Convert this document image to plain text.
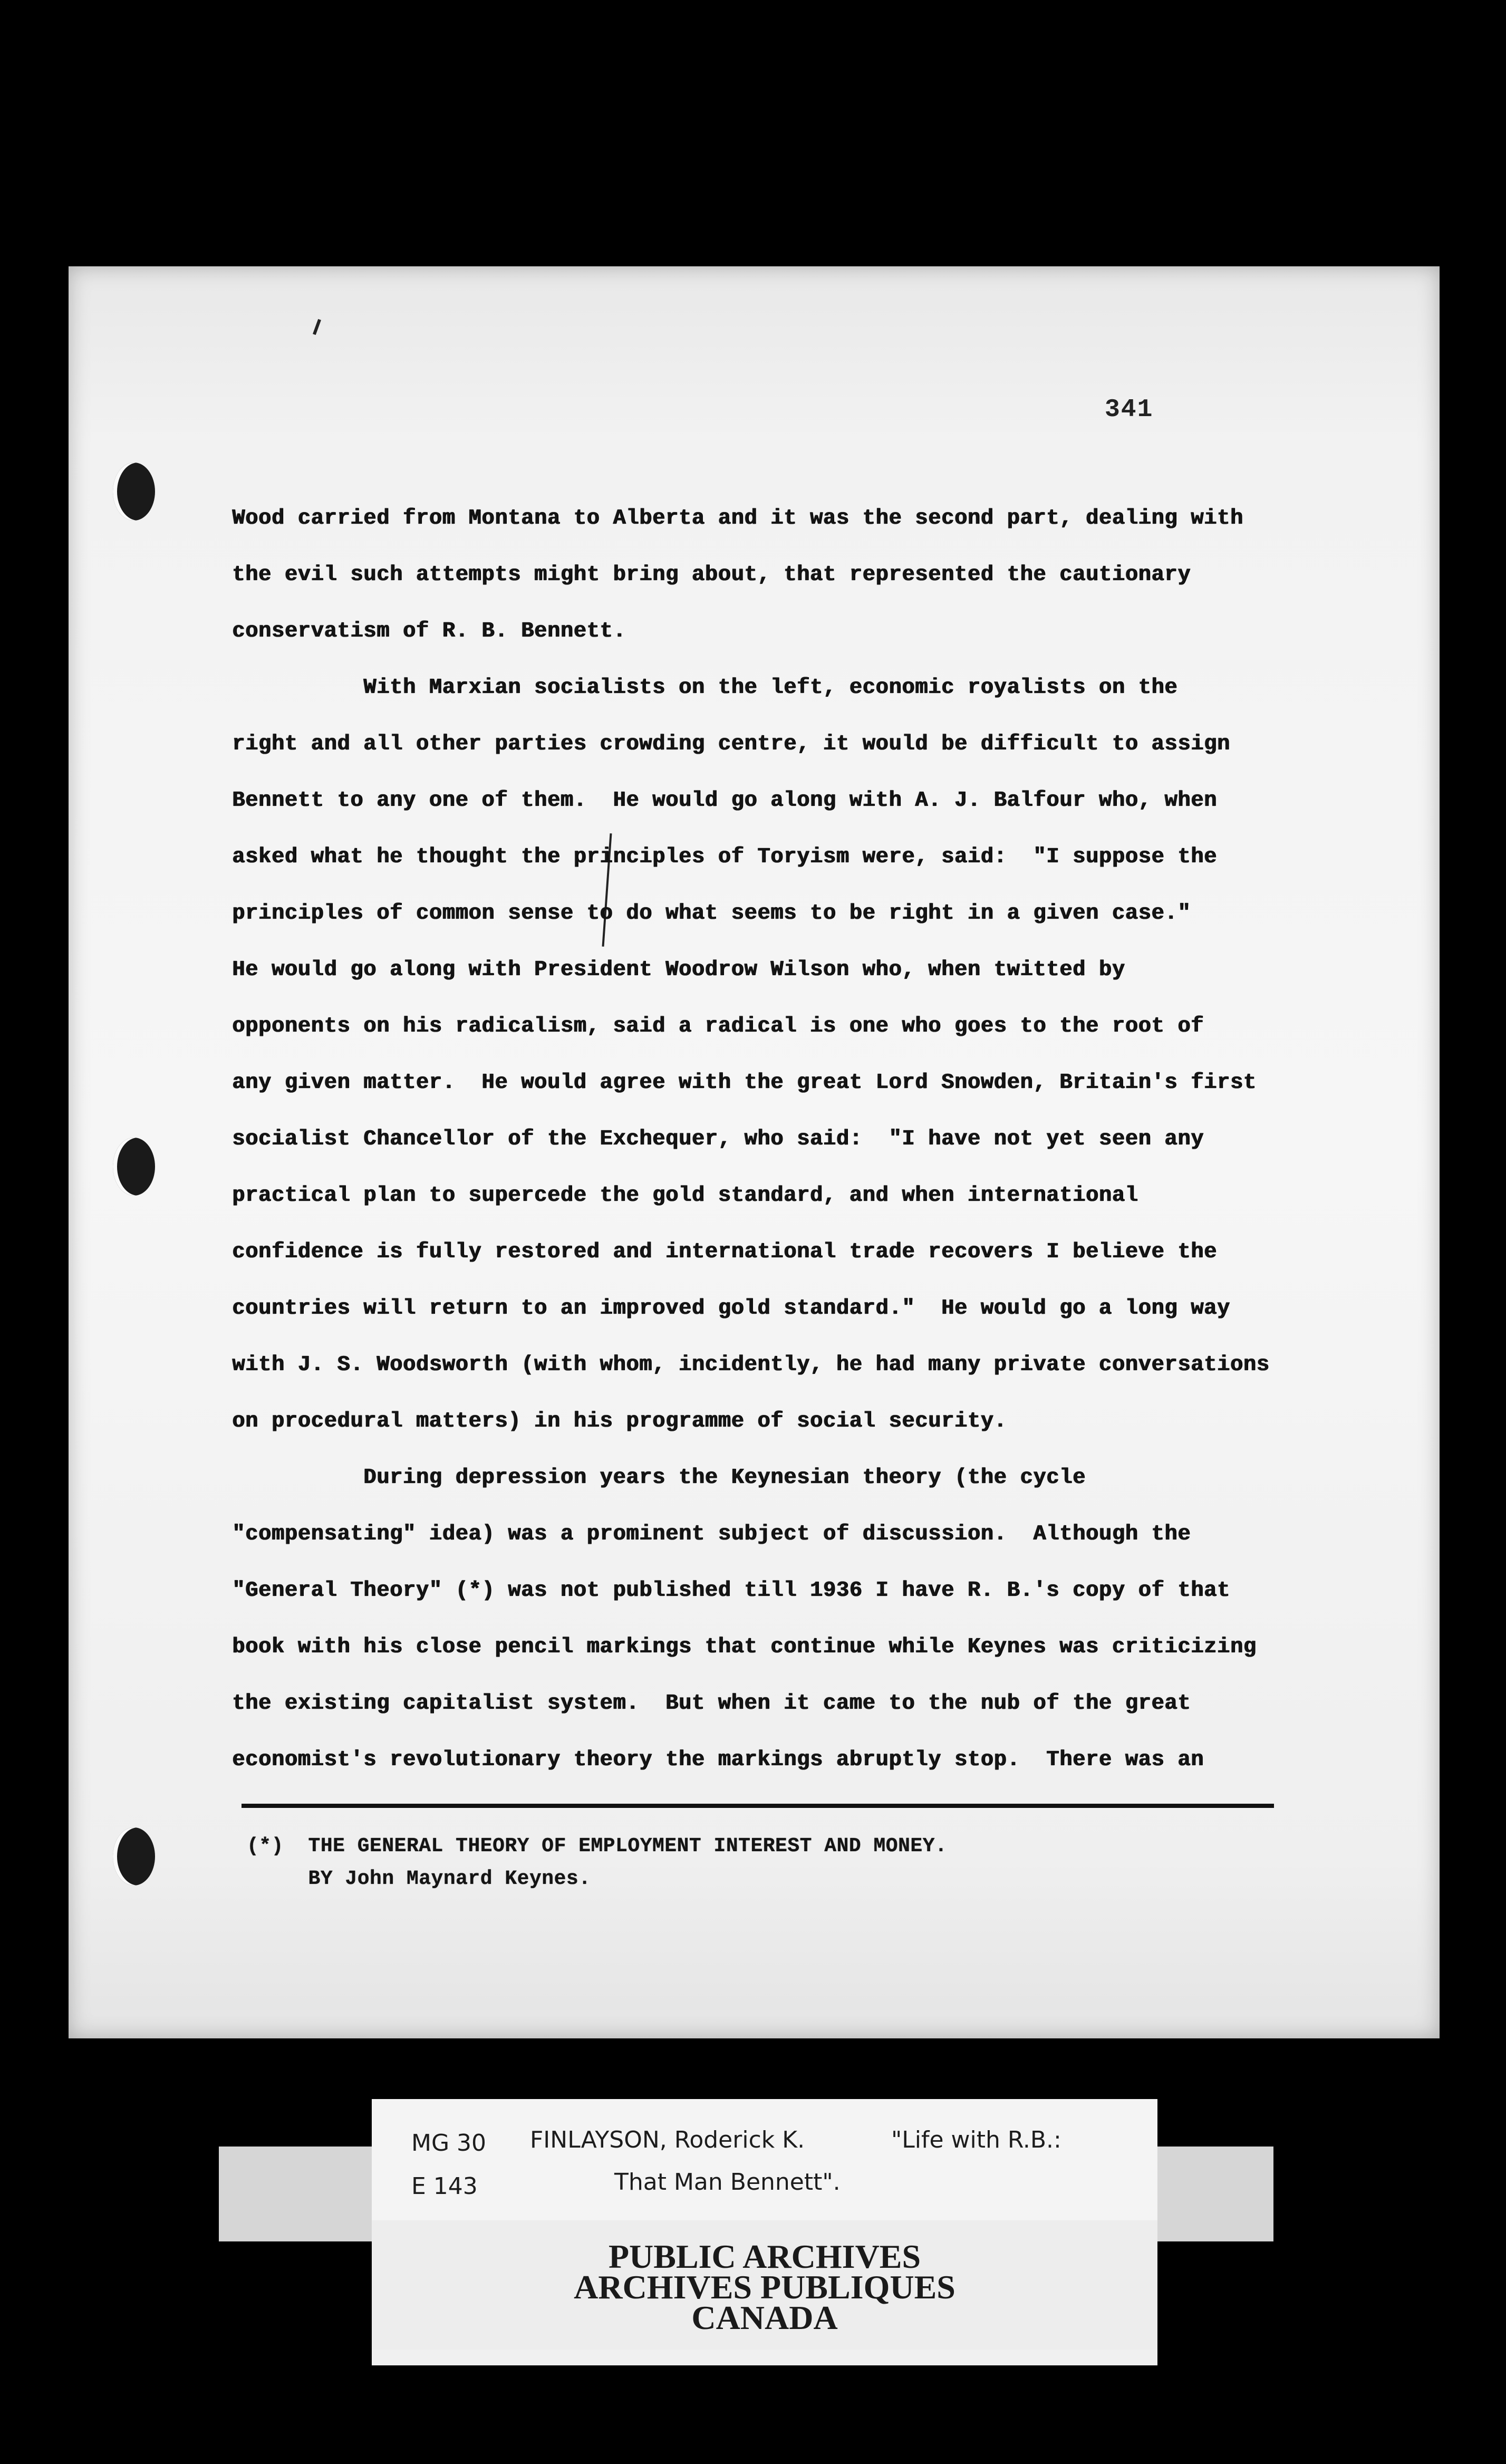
341
Wood carried from Montana to Alberta and it was the second part, dealing with
the evil such attempts might bring about, that represented the cautionary
conservatism of R. B. Bennett.
With Marxian socialists on the left, economic royalists on the
right and all other parties crowding centre, it would be difficult to assign
Bennett to any one of them.  He would go along with A. J. Balfour who, when
asked what he thought the principles of Toryism were, said:  "I suppose the
principles of common sense to do what seems to be right in a given case."
He would go along with President Woodrow Wilson who, when twitted by
opponents on his radicalism, said a radical is one who goes to the root of
any given matter.  He would agree with the great Lord Snowden, Britain's first
socialist Chancellor of the Exchequer, who said:  "I have not yet seen any
practical plan to supercede the gold standard, and when international
confidence is fully restored and international trade recovers I believe the
countries will return to an improved gold standard."  He would go a long way
with J. S. Woodsworth (with whom, incidently, he had many private conversations
on procedural matters) in his programme of social security.
During depression years the Keynesian theory (the cycle
"compensating" idea) was a prominent subject of discussion.  Although the
"General Theory" (*) was not published till 1936 I have R. B.'s copy of that
book with his close pencil markings that continue while Keynes was criticizing
the existing capitalist system.  But when it came to the nub of the great
economist's revolutionary theory the markings abruptly stop.  There was an
(*)  THE GENERAL THEORY OF EMPLOYMENT INTEREST AND MONEY.
BY John Maynard Keynes.
MG 30
E 143
FINLAYSON, Roderick K.	"Life with R.B.:
That Man Bennett".
PUBLIC ARCHIVES
ARCHIVES PUBLIQUES
CANADA
